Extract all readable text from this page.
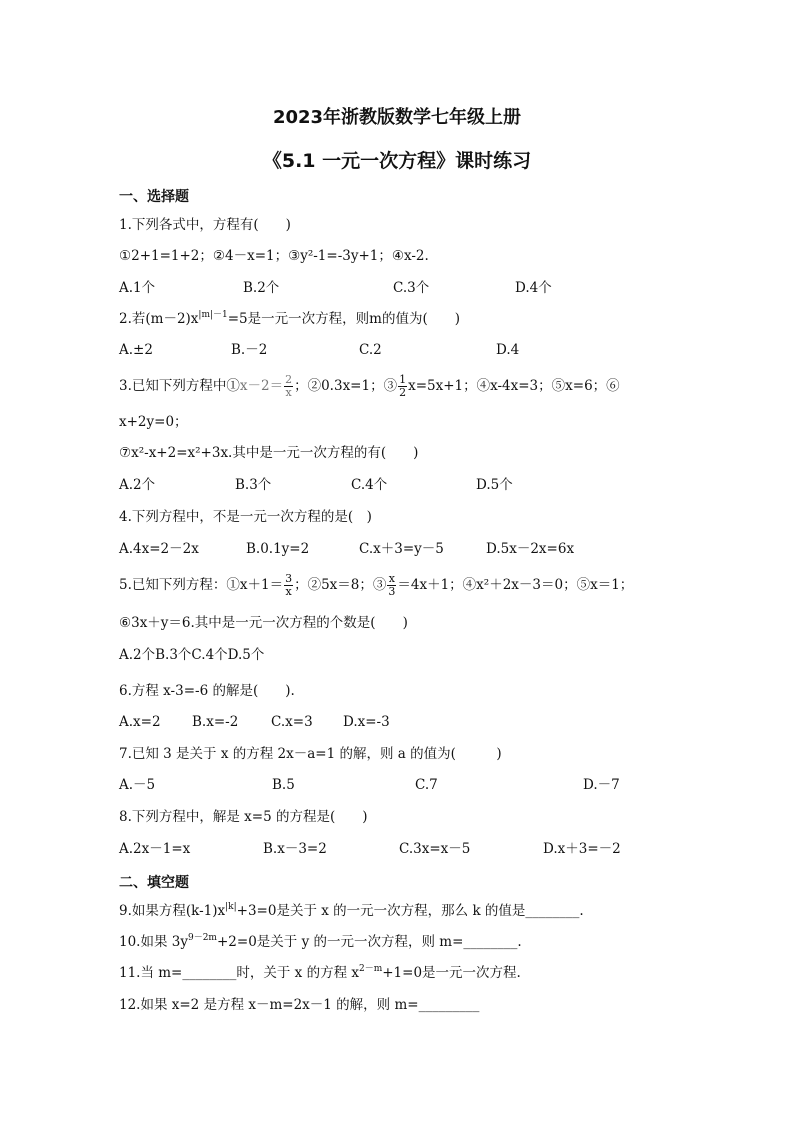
2023年浙教版数学七年级上册
《5.1 一元一次方程》课时练习
一、选择题
1.下列各式中，方程有(　　)
①2+1=1+2；②4－x=1；③y²-1=-3y+1；④x-2.
A.1个	B.2个	C.3个	D.4个
2.若$(m-2)x^{|m|-1}=5$是一元一次方程，则m的值为(　　)
A.±2	B.－2	C.2	D.4
3.已知下列方程中①x－2＝ $\frac{2}{x}$ ；②0.3x=1；③ $\frac{1}{2} x=5x+1$；④x-4x=3；⑤x=6；⑥
x+2y=0；
⑦x²-x+2=x²+3x.其中是一元一次方程的有(　　)
A.2个	B.3个	C.4个	D.5个
4.下列方程中，不是一元一次方程的是(　)
A.4x=2－2x	B.0.1y=2	C.x＋3=y－5	D.5x－2x=6x
5.已知下列方程：①x＋1＝ $\frac{3}{x}$ ；②5x＝8；③ $\frac{x}{3} =4x+1$；④x²＋2x－3＝0；⑤x＝1；
⑥3x＋y＝6.其中是一元一次方程的个数是(　　)
A.2个B.3个C.4个D.5个
6.方程 x-3=-6 的解是(　　).
A.x=2 B.x=-2 C.x=3 D.x=-3
7.已知 3 是关于 x 的方程 2x－a=1 的解，则 a 的值为(　　　)
A.－5	B.5	C.7	D.－7
8.下列方程中，解是 x=5 的方程是(　　)
A.2x－1=x	B.x－3=2	C.3x=x－5	D.x＋3=－2
二、填空题
9.如果方程$(k-1)x^{|k|}+3=0$是关于 x 的一元一次方程，那么 k 的值是________.
10.如果 $3y^{9-2m}+2=0$是关于 y 的一元一次方程，则 m=________.
11.当 m=________时，关于 x 的方程 $x^{2-m}+1=0$是一元一次方程.
12.如果 x=2 是方程 x－m=2x－1 的解，则 m=_________
